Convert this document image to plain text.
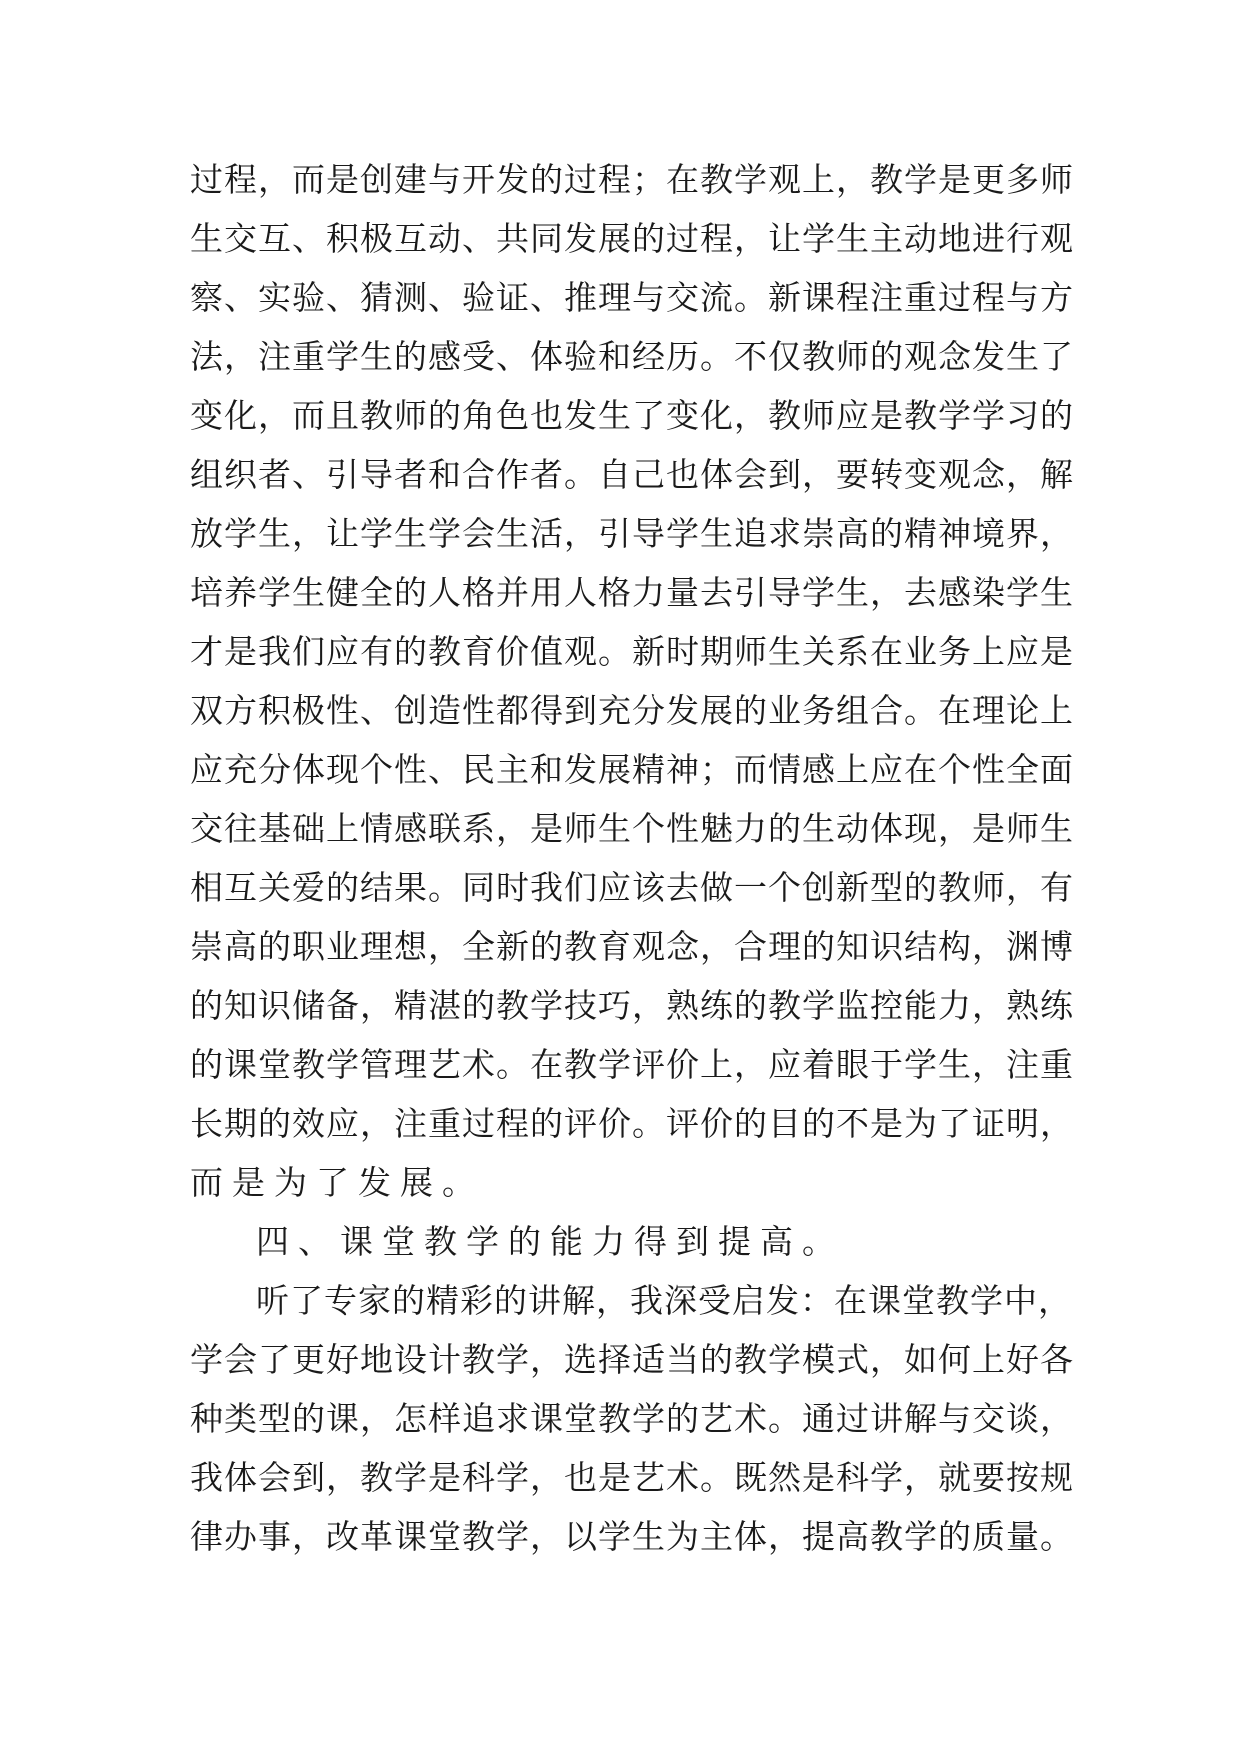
过程，而是创建与开发的过程；在教学观上，教学是更多师
生交互、积极互动、共同发展的过程，让学生主动地进行观
察、实验、猜测、验证、推理与交流。新课程注重过程与方
法，注重学生的感受、体验和经历。不仅教师的观念发生了
变化，而且教师的角色也发生了变化，教师应是教学学习的
组织者、引导者和合作者。自己也体会到，要转变观念，解
放学生，让学生学会生活，引导学生追求崇高的精神境界，
培养学生健全的人格并用人格力量去引导学生，去感染学生
才是我们应有的教育价值观。新时期师生关系在业务上应是
双方积极性、创造性都得到充分发展的业务组合。在理论上
应充分体现个性、民主和发展精神；而情感上应在个性全面
交往基础上情感联系，是师生个性魅力的生动体现，是师生
相互关爱的结果。同时我们应该去做一个创新型的教师，有
崇高的职业理想，全新的教育观念，合理的知识结构，渊博
的知识储备，精湛的教学技巧，熟练的教学监控能力，熟练
的课堂教学管理艺术。在教学评价上，应着眼于学生，注重
长期的效应，注重过程的评价。评价的目的不是为了证明，
而是为了发展。
四、课堂教学的能力得到提高。
听了专家的精彩的讲解，我深受启发：在课堂教学中，
学会了更好地设计教学，选择适当的教学模式，如何上好各
种类型的课，怎样追求课堂教学的艺术。通过讲解与交谈，
我体会到，教学是科学，也是艺术。既然是科学，就要按规
律办事，改革课堂教学，以学生为主体，提高教学的质量。
